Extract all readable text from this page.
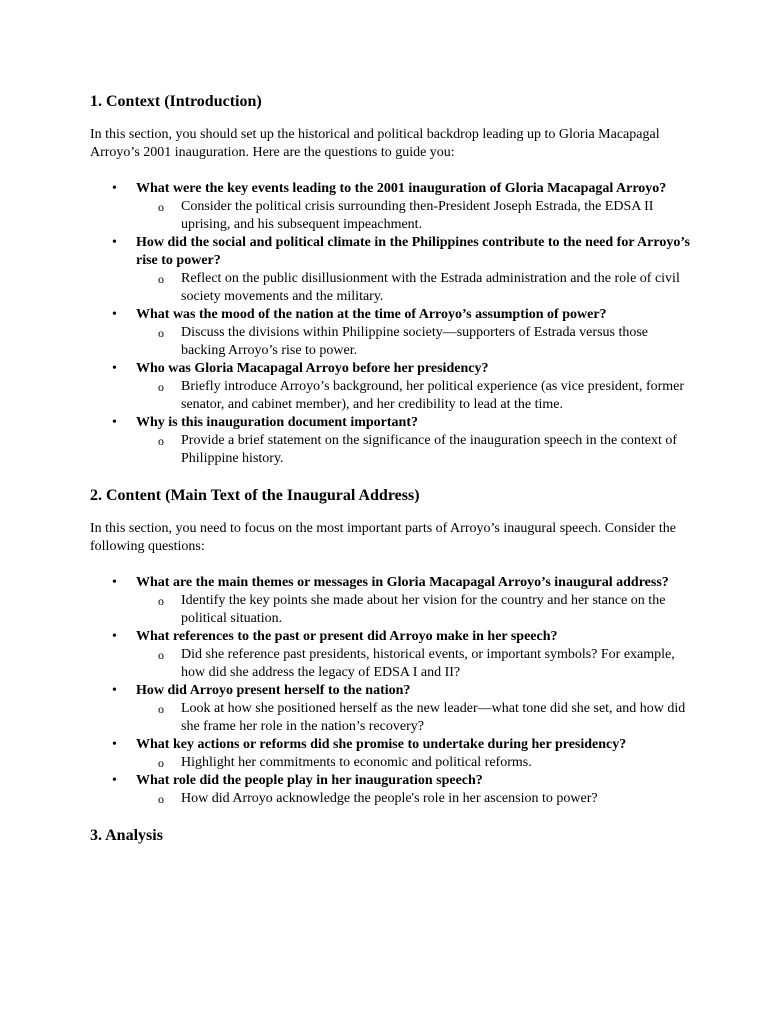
1. Context (Introduction)

In this section, you should set up the historical and political backdrop leading up to Gloria Macapagal Arroyo’s 2001 inauguration. Here are the questions to guide you:

• What were the key events leading to the 2001 inauguration of Gloria Macapagal Arroyo?
o Consider the political crisis surrounding then-President Joseph Estrada, the EDSA II uprising, and his subsequent impeachment.
• How did the social and political climate in the Philippines contribute to the need for Arroyo’s rise to power?
o Reflect on the public disillusionment with the Estrada administration and the role of civil society movements and the military.
• What was the mood of the nation at the time of Arroyo’s assumption of power?
o Discuss the divisions within Philippine society—supporters of Estrada versus those backing Arroyo’s rise to power.
• Who was Gloria Macapagal Arroyo before her presidency?
o Briefly introduce Arroyo’s background, her political experience (as vice president, former senator, and cabinet member), and her credibility to lead at the time.
• Why is this inauguration document important?
o Provide a brief statement on the significance of the inauguration speech in the context of Philippine history.
2. Content (Main Text of the Inaugural Address)

In this section, you need to focus on the most important parts of Arroyo’s inaugural speech. Consider the following questions:

• What are the main themes or messages in Gloria Macapagal Arroyo’s inaugural address?
o Identify the key points she made about her vision for the country and her stance on the political situation.
• What references to the past or present did Arroyo make in her speech?
o Did she reference past presidents, historical events, or important symbols? For example, how did she address the legacy of EDSA I and II?
• How did Arroyo present herself to the nation?
o Look at how she positioned herself as the new leader—what tone did she set, and how did she frame her role in the nation’s recovery?
• What key actions or reforms did she promise to undertake during her presidency?
o Highlight her commitments to economic and political reforms.
• What role did the people play in her inauguration speech?
o How did Arroyo acknowledge the people's role in her ascension to power?
3. Analysis
